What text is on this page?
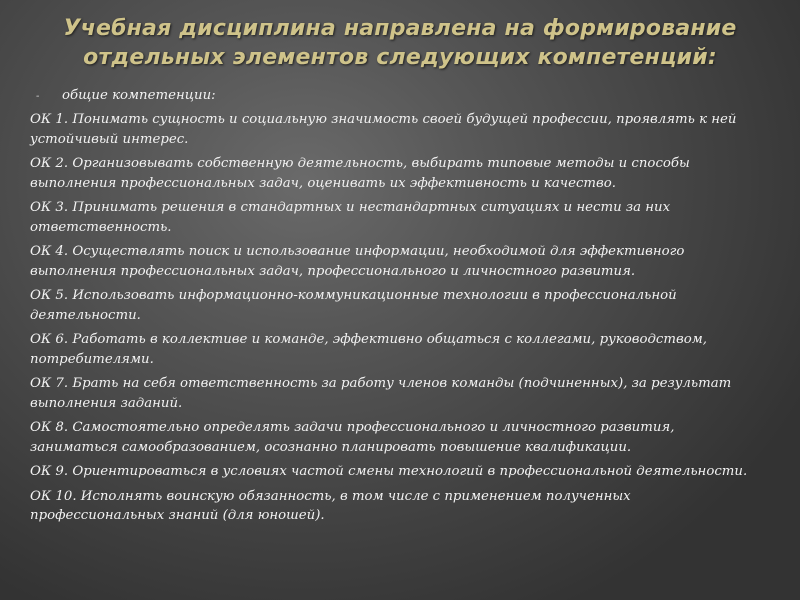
Учебная дисциплина направлена на формирование
отдельных элементов следующих компетенций:
-	общие компетенции:

ОК 1. Понимать сущность и социальную значимость своей будущей профессии, проявлять к ней
устойчивый интерес.

ОК 2. Организовывать собственную деятельность, выбирать типовые методы и способы
выполнения профессиональных задач, оценивать их эффективность и качество.

ОК 3. Принимать решения в стандартных и нестандартных ситуациях и нести за них
ответственность.

ОК 4. Осуществлять поиск и использование информации, необходимой для эффективного
выполнения профессиональных задач, профессионального и личностного развития.

ОК 5. Использовать информационно-коммуникационные технологии в профессиональной
деятельности.

ОК 6. Работать в коллективе и команде, эффективно общаться с коллегами, руководством,
потребителями.

ОК 7. Брать на себя ответственность за работу членов команды (подчиненных), за результат
выполнения заданий.

ОК 8. Самостоятельно определять задачи профессионального и личностного развития,
заниматься самообразованием, осознанно планировать повышение квалификации.

ОК 9. Ориентироваться в условиях частой смены технологий в профессиональной деятельности.

ОК 10. Исполнять воинскую обязанность, в том числе с применением полученных
профессиональных знаний (для юношей).
